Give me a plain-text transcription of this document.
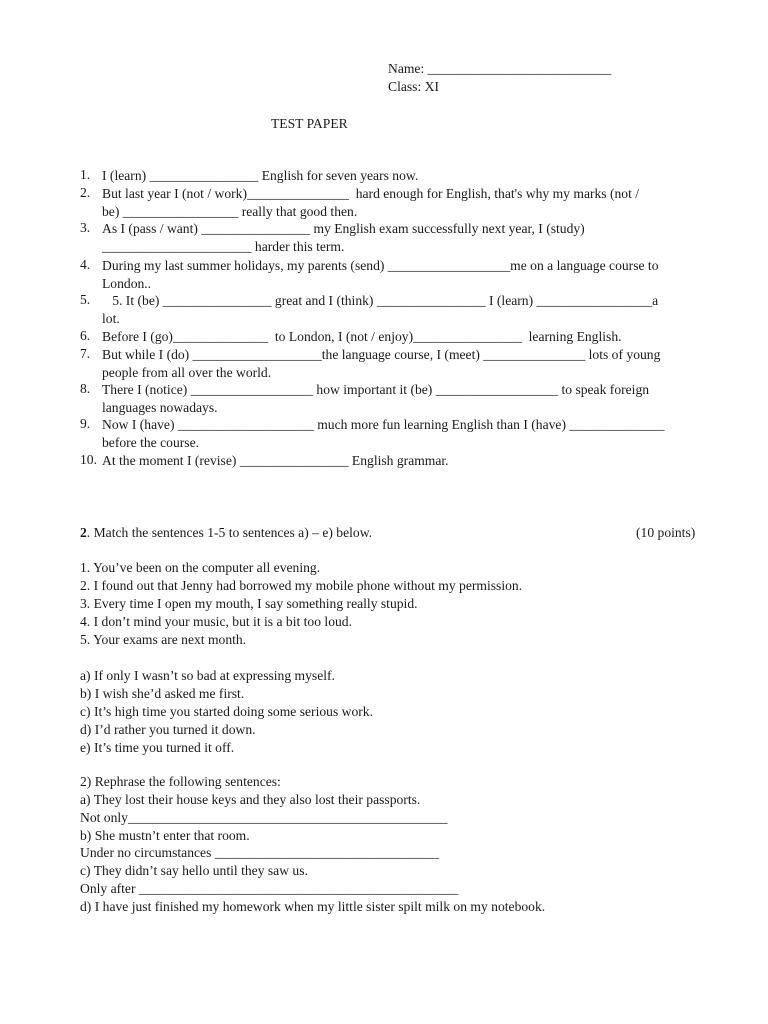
Name: ___________________________
Class: XI
TEST PAPER
1. I (learn) ________________ English for seven years now.
2. But last year I (not / work)_______________  hard enough for English, that's why my marks (not /
be) _________________ really that good then.
3. As I (pass / want) ________________ my English exam successfully next year, I (study)
______________________ harder this term.
4. During my last summer holidays, my parents (send) __________________me on a language course to
London..
5. 5. It (be) ________________ great and I (think) ________________ I (learn) _________________a
lot.
6. Before I (go)______________  to London, I (not / enjoy)________________  learning English.
7. But while I (do) ___________________the language course, I (meet) _______________ lots of young
people from all over the world.
8. There I (notice) __________________ how important it (be) __________________ to speak foreign
languages nowadays.
9. Now I (have) ____________________ much more fun learning English than I (have) ______________
before the course.
10. At the moment I (revise) ________________ English grammar.
2. Match the sentences 1-5 to sentences a) – e) below.	(10 points)
1. You’ve been on the computer all evening.
2. I found out that Jenny had borrowed my mobile phone without my permission.
3. Every time I open my mouth, I say something really stupid.
4. I don’t mind your music, but it is a bit too loud.
5. Your exams are next month.
a) If only I wasn’t so bad at expressing myself.
b) I wish she’d asked me first.
c) It’s high time you started doing some serious work.
d) I’d rather you turned it down.
e) It’s time you turned it off.
2) Rephrase the following sentences:
a) They lost their house keys and they also lost their passports.
Not only_______________________________________________
b) She mustn’t enter that room.
Under no circumstances _________________________________
c) They didn’t say hello until they saw us.
Only after _______________________________________________
d) I have just finished my homework when my little sister spilt milk on my notebook.
